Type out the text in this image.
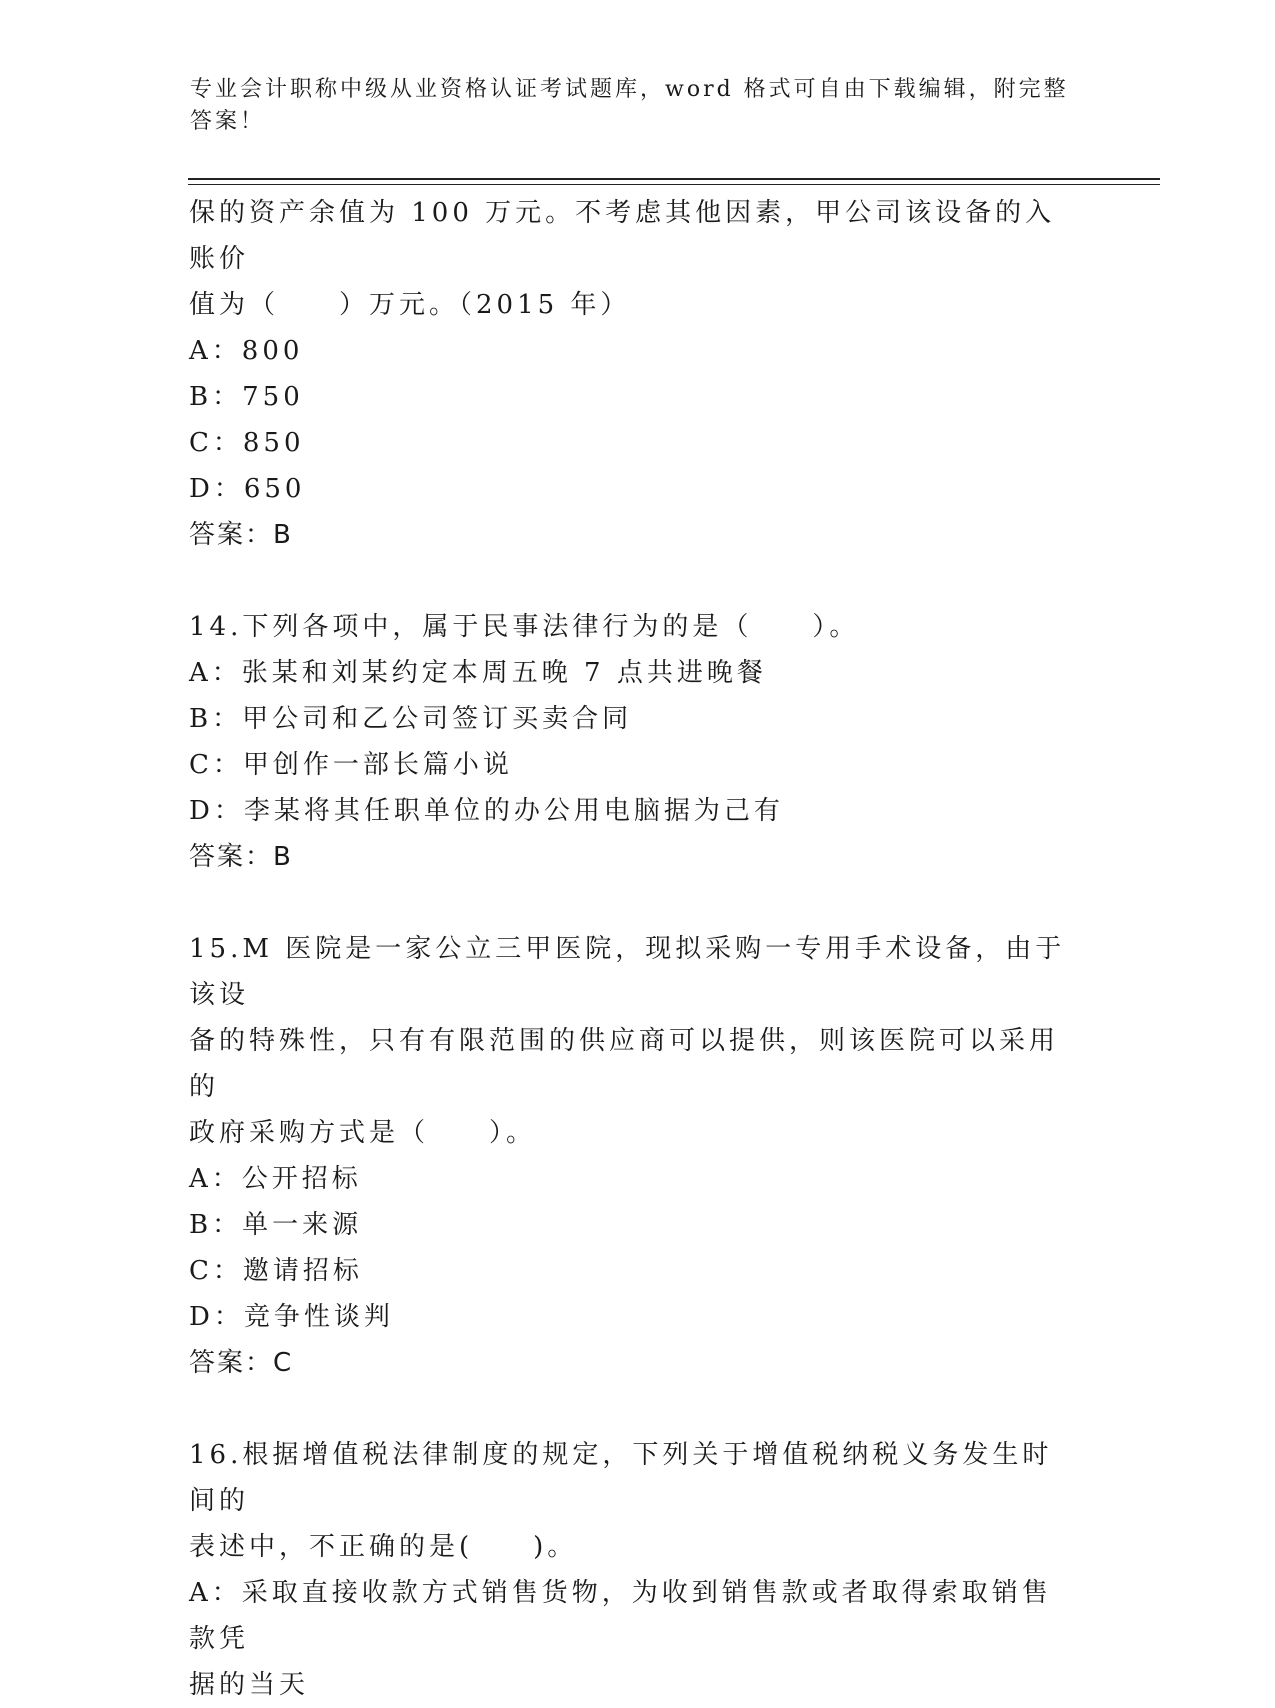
专业会计职称中级从业资格认证考试题库，word 格式可自由下载编辑，附完整答案！
保的资产余值为 100 万元。不考虑其他因素，甲公司该设备的入账价
值为（　　）万元。（2015 年）
A：800
B：750
C：850
D：650
答案：B
14.下列各项中，属于民事法律行为的是（　　）。
A：张某和刘某约定本周五晚 7 点共进晚餐
B：甲公司和乙公司签订买卖合同
C：甲创作一部长篇小说
D：李某将其任职单位的办公用电脑据为己有
答案：B
15.M 医院是一家公立三甲医院，现拟采购一专用手术设备，由于该设
备的特殊性，只有有限范围的供应商可以提供，则该医院可以采用的
政府采购方式是（　　）。
A：公开招标
B：单一来源
C：邀请招标
D：竞争性谈判
答案：C
16.根据增值税法律制度的规定，下列关于增值税纳税义务发生时间的
表述中，不正确的是(　　)。
A：采取直接收款方式销售货物，为收到销售款或者取得索取销售款凭
据的当天
